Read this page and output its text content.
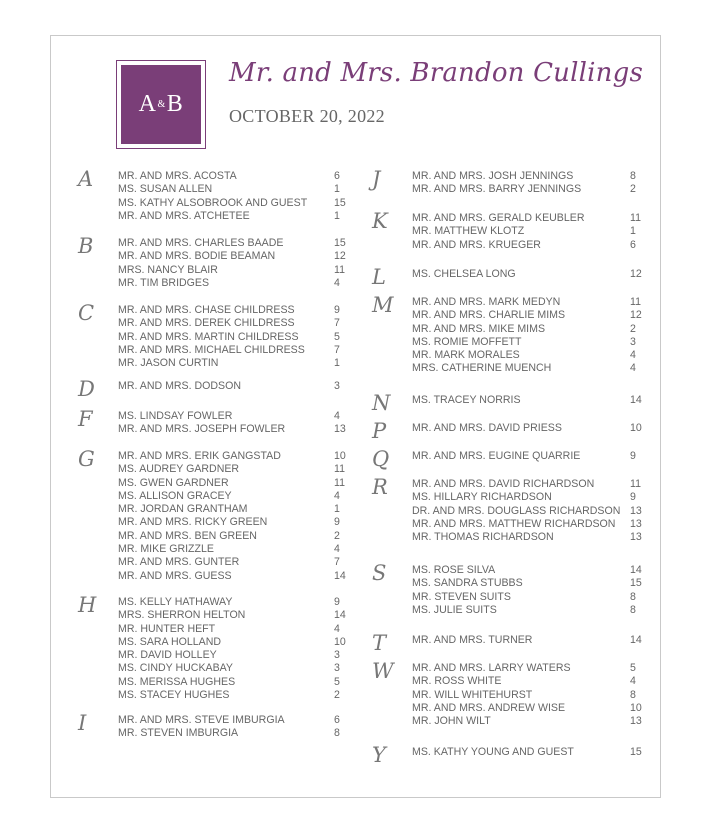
A & B
Mr. and Mrs. Brandon Cullings
OCTOBER 20, 2022
A	MR. AND MRS. ACOSTA	6
MS. SUSAN ALLEN	1
MS. KATHY ALSOBROOK AND GUEST	15
MR. AND MRS. ATCHETEE	1
B	MR. AND MRS. CHARLES BAADE	15
MR. AND MRS. BODIE BEAMAN	12
MRS. NANCY BLAIR	11
MR. TIM BRIDGES	4
C	MR. AND MRS. CHASE CHILDRESS	9
MR. AND MRS. DEREK CHILDRESS	7
MR. AND MRS. MARTIN CHILDRESS	5
MR. AND MRS. MICHAEL CHILDRESS	7
MR. JASON CURTIN	1
D	MR. AND MRS. DODSON	3
F	MS. LINDSAY FOWLER	4
MR. AND MRS. JOSEPH FOWLER	13
G	MR. AND MRS. ERIK GANGSTAD	10
MS. AUDREY GARDNER	11
MS. GWEN GARDNER	11
MS. ALLISON GRACEY	4
MR. JORDAN GRANTHAM	1
MR. AND MRS. RICKY GREEN	9
MR. AND MRS. BEN GREEN	2
MR. MIKE GRIZZLE	4
MR. AND MRS. GUNTER	7
MR. AND MRS. GUESS	14
H	MS. KELLY HATHAWAY	9
MRS. SHERRON HELTON	14
MR. HUNTER HEFT	4
MS. SARA HOLLAND	10
MR. DAVID HOLLEY	3
MS. CINDY HUCKABAY	3
MS. MERISSA HUGHES	5
MS. STACEY HUGHES	2
I	MR. AND MRS. STEVE IMBURGIA	6
MR. STEVEN IMBURGIA	8
J	MR. AND MRS. JOSH JENNINGS	8
MR. AND MRS. BARRY JENNINGS	2
K	MR. AND MRS. GERALD KEUBLER	11
MR. MATTHEW KLOTZ	1
MR. AND MRS. KRUEGER	6
L	MS. CHELSEA LONG	12
M	MR. AND MRS. MARK MEDYN	11
MR. AND MRS. CHARLIE MIMS	12
MR. AND MRS. MIKE MIMS	2
MS. ROMIE MOFFETT	3
MR. MARK MORALES	4
MRS. CATHERINE MUENCH	4
N	MS. TRACEY NORRIS	14
P	MR. AND MRS. DAVID PRIESS	10
Q	MR. AND MRS. EUGINE QUARRIE	9
R	MR. AND MRS. DAVID RICHARDSON	11
MS. HILLARY RICHARDSON	9
DR. AND MRS. DOUGLASS RICHARDSON 13
MR. AND MRS. MATTHEW RICHARDSON 13
MR. THOMAS RICHARDSON	13
S	MS. ROSE SILVA	14
MS. SANDRA STUBBS	15
MR. STEVEN SUITS	8
MS. JULIE SUITS	8
T	MR. AND MRS. TURNER	14
W	MR. AND MRS. LARRY WATERS	5
MR. ROSS WHITE	4
MR. WILL WHITEHURST	8
MR. AND MRS. ANDREW WISE	10
MR. JOHN WILT	13
Y	MS. KATHY YOUNG AND GUEST	15
